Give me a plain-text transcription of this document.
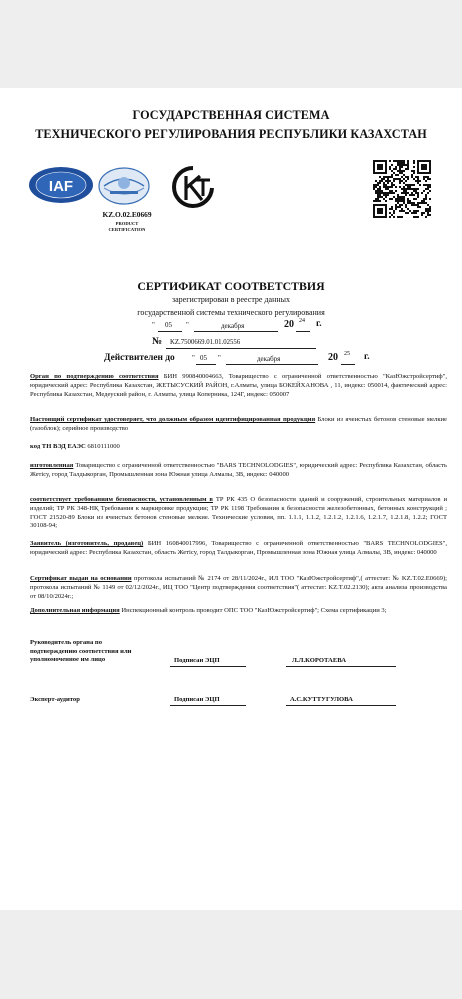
ГОСУДАРСТВЕННАЯ СИСТЕМА
ТЕХНИЧЕСКОГО РЕГУЛИРОВАНИЯ РЕСПУБЛИКИ КАЗАХСТАН
IAF
KZ.O.02.E0669
PRODUCT
CERTIFICATION
СЕРТИФИКАТ СООТВЕТСТВИЯ
зарегистрирован в реестре данных
государственной системы технического регулирования
" 05 "	декабря	20 24 г.
№ KZ.7500669.01.01.02556
Действителен до " 05 "	декабря	20 25 г.
Орган по подтверждению соответствия БИН 990840004663, Товарищество с ограниченной ответственностью "КазЮжстройсертиф", юридический адрес: Республика Казахстан, ЖЕТЫСУСКИЙ РАЙОН, г.Алматы, улица БОКЕЙХАНОВА , 11, индекс: 050014, фактический адрес: Республика Казахстан, Медеуский район, г. Алматы, улица Коперника, 124Г, индекс: 050007
Настоящий сертификат удостоверяет, что должным образом идентифицированная продукция Блоки из ячеистых бетонов стеновые мелкие (газоблок); серийное производство
код ТН ВЭД ЕАЭС 6810111000
изготовленная Товарищество с ограниченной ответственностью "BARS TECHNOLODGIES", юридический адрес: Республика Казахстан, область Жетісу, город Талдыкорган, Промышленная зона Южная улица Алмалы, 3В, индекс: 040000
соответствует требованиям безопасности, установленным в ТР РК 435 О безопасности зданий и сооружений, строительных материалов и изделий; ТР РК 348-НҚ Требования к маркировке продукции; ТР РК 1198 Требования к безопасности железобетонных, бетонных конструкций ; ГОСТ 21520-89 Блоки из ячеистых бетонов стеновые мелкие. Технические условия, пп. 1.1.1, 1.1.2, 1.2.1.2, 1.2.1.6, 1.2.1.7, 1.2.1.8, 1.2.2; ГОСТ 30108-94;
Заявитель (изготовитель, продавец) БИН 160840017996, Товарищество с ограниченной ответственностью "BARS TECHNOLODGIES", юридический адрес: Республика Казахстан, область Жетісу, город Талдыкорган, Промышленная зона Южная улица Алмалы, 3В, индекс: 040000
Сертификат выдан на основании протокола испытаний № 2174 от 28/11/2024г., ИЛ ТОО "КазЮжстройсертиф",( аттестат: № KZ.T.02.E0669); протокола испытаний № 1149 от 02/12/2024г., ИЦ ТОО "Центр подтверждения соответствия"( аттестат: KZ.T.02.2130); акта анализа производства от 08/10/2024г.;
Дополнительная информация Инспекционный контроль проводит ОПС ТОО "КазЮжстройсертиф"; Схема сертификации 3;
Руководитель органа по
подтверждению соответствия или
уполномоченное им лицо	Подписан ЭЦП	Л.Л.КОРОТАЕВА
Эксперт-аудитор	Подписан ЭЦП	А.С.КУТТУГУЛОВА
